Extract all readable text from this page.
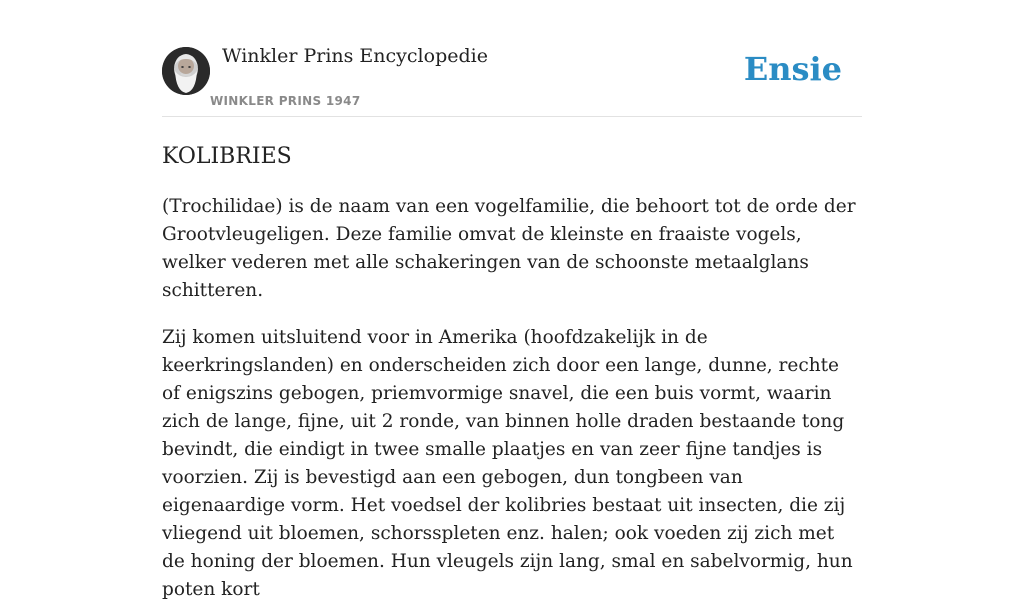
Winkler Prins Encyclopedie
WINKLER PRINS 1947
Ensie
KOLIBRIES

(Trochilidae) is de naam van een vogelfamilie, die behoort tot de orde der Grootvleugeligen. Deze familie omvat de kleinste en fraaiste vogels, welker vederen met alle schakeringen van de schoonste metaalglans schitteren.

Zij komen uitsluitend voor in Amerika (hoofdzakelijk in de keerkringslanden) en onderscheiden zich door een lange, dunne, rechte of enigszins gebogen, priemvormige snavel, die een buis vormt, waarin zich de lange, fijne, uit 2 ronde, van binnen holle draden bestaande tong bevindt, die eindigt in twee smalle plaatjes en van zeer fijne tandjes is voorzien. Zij is bevestigd aan een gebogen, dun tongbeen van eigenaardige vorm. Het voedsel der kolibries bestaat uit insecten, die zij vliegend uit bloemen, schorsspleten enz. halen; ook voeden zij zich met de honing der bloemen. Hun vleugels zijn lang, smal en sabelvormig, hun poten kort
